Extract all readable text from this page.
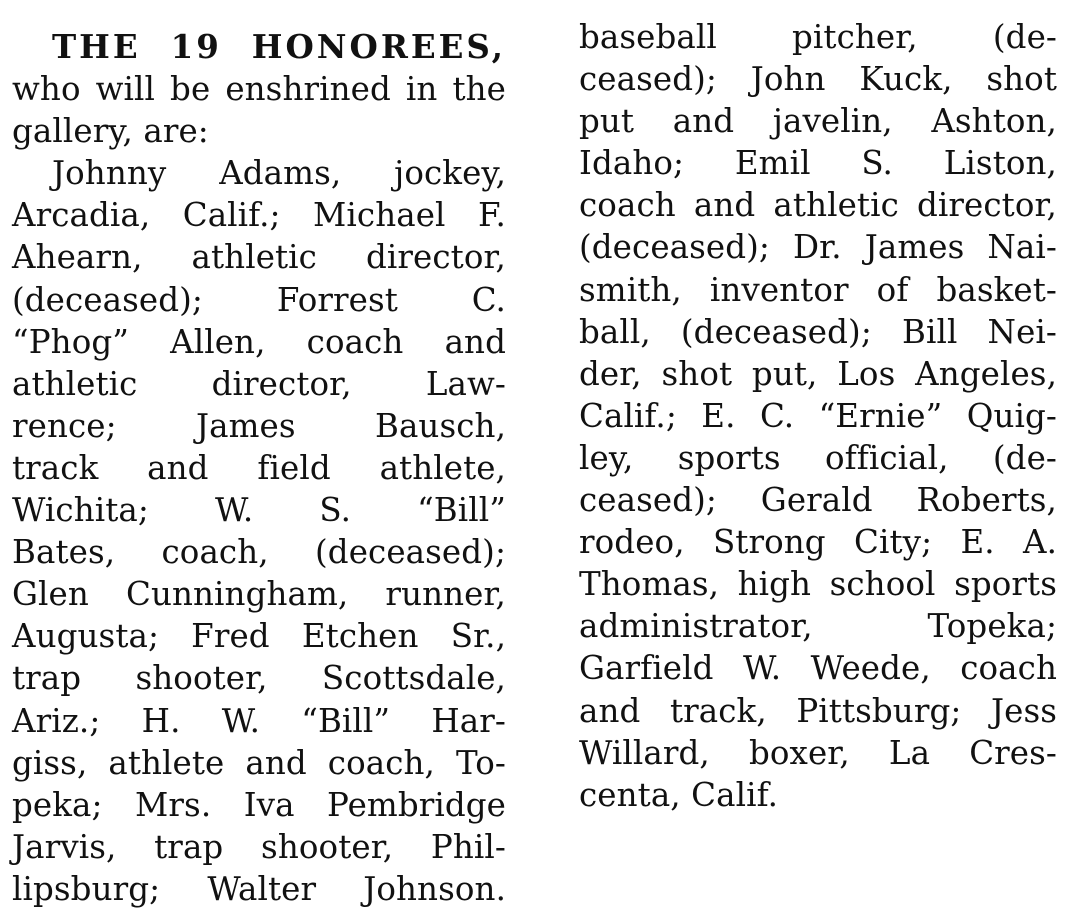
THE 19 HONOREES,
who will be enshrined in the
gallery, are:
Johnny Adams, jockey,
Arcadia, Calif.; Michael F.
Ahearn, athletic director,
(deceased); Forrest C.
“Phog” Allen, coach and
athletic director, Law-
rence; James Bausch,
track and field athlete,
Wichita; W. S. “Bill”
Bates, coach, (deceased);
Glen Cunningham, runner,
Augusta; Fred Etchen Sr.,
trap shooter, Scottsdale,
Ariz.; H. W. “Bill” Har-
giss, athlete and coach, To-
peka; Mrs. Iva Pembridge
Jarvis, trap shooter, Phil-
lipsburg; Walter Johnson.
baseball pitcher, (de-
ceased); John Kuck, shot
put and javelin, Ashton,
Idaho; Emil S. Liston,
coach and athletic director,
(deceased); Dr. James Nai-
smith, inventor of basket-
ball, (deceased); Bill Nei-
der, shot put, Los Angeles,
Calif.; E. C. “Ernie” Quig-
ley, sports official, (de-
ceased); Gerald Roberts,
rodeo, Strong City; E. A.
Thomas, high school sports
administrator, Topeka;
Garfield W. Weede, coach
and track, Pittsburg; Jess
Willard, boxer, La Cres-
centa, Calif.
